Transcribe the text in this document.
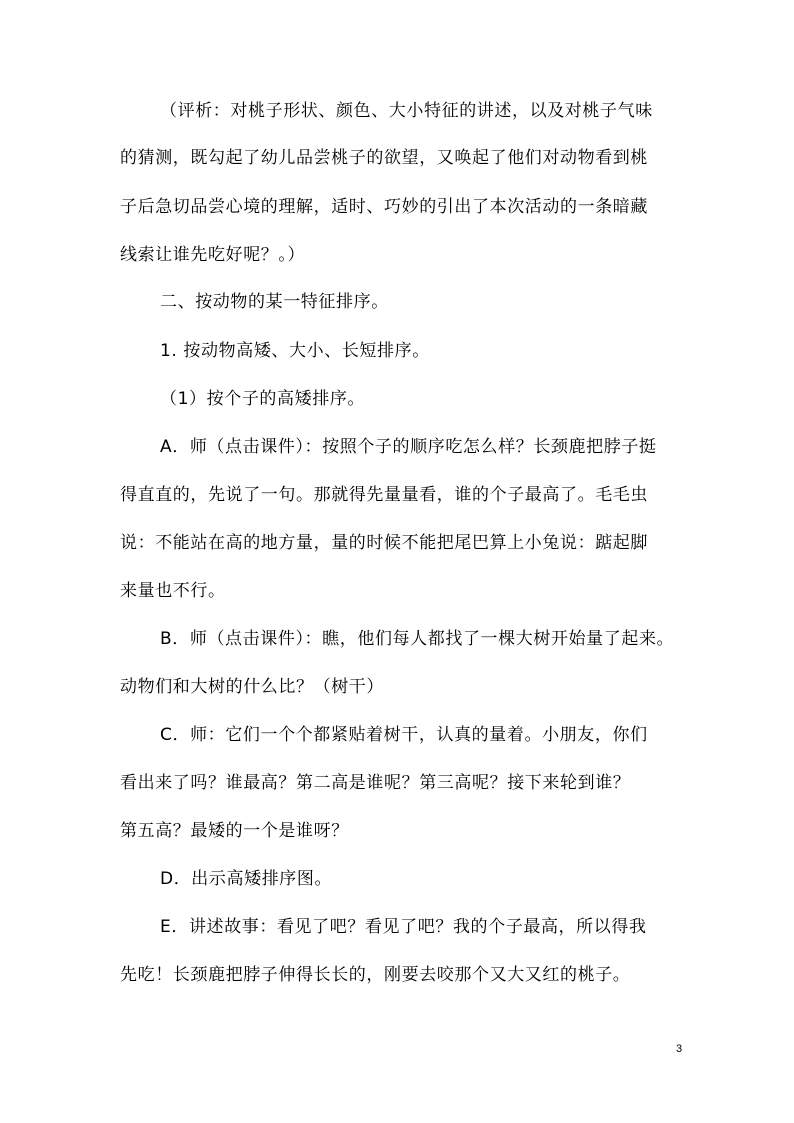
（评析：对桃子形状、颜色、大小特征的讲述，以及对桃子气味
的猜测，既勾起了幼儿品尝桃子的欲望，又唤起了他们对动物看到桃
子后急切品尝心境的理解，适时、巧妙的引出了本次活动的一条暗藏
线索让谁先吃好呢？。）
二、按动物的某一特征排序。
1. 按动物高矮、大小、长短排序。
（1）按个子的高矮排序。
A．师（点击课件）：按照个子的顺序吃怎么样？长颈鹿把脖子挺
得直直的，先说了一句。那就得先量量看，谁的个子最高了。毛毛虫
说：不能站在高的地方量，量的时候不能把尾巴算上小兔说：踮起脚
来量也不行。
B．师（点击课件）：瞧，他们每人都找了一棵大树开始量了起来。
动物们和大树的什么比？（树干）
C．师：它们一个个都紧贴着树干，认真的量着。小朋友，你们
看出来了吗？谁最高？第二高是谁呢？第三高呢？接下来轮到谁？
第五高？最矮的一个是谁呀？
D．出示高矮排序图。
E．讲述故事：看见了吧？看见了吧？我的个子最高，所以得我
先吃！长颈鹿把脖子伸得长长的，刚要去咬那个又大又红的桃子。
3
